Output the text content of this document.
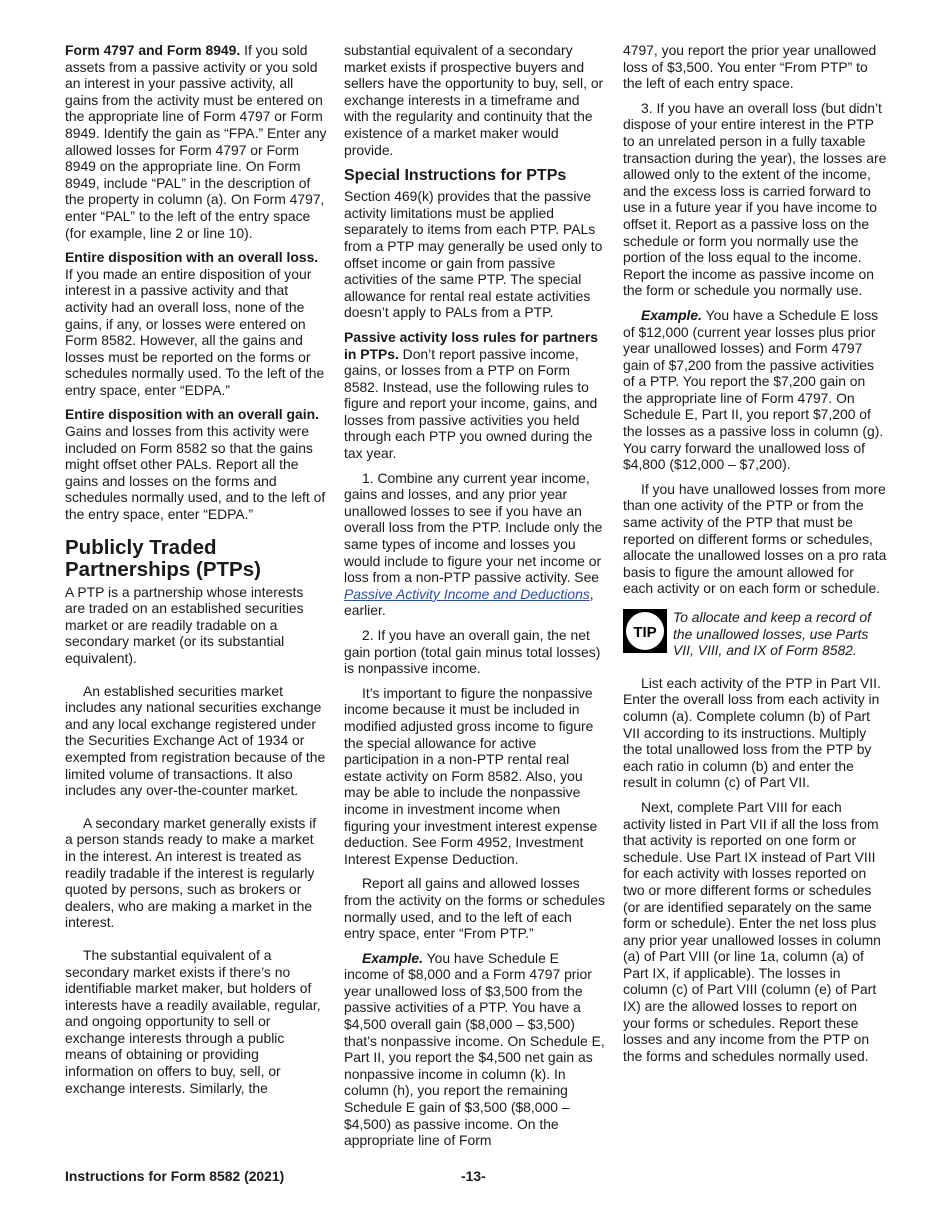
Form 4797 and Form 8949. If you sold assets from a passive activity or you sold an interest in your passive activity, all gains from the activity must be entered on the appropriate line of Form 4797 or Form 8949. Identify the gain as “FPA.” Enter any allowed losses for Form 4797 or Form 8949 on the appropriate line. On Form 8949, include “PAL” in the description of the property in column (a). On Form 4797, enter “PAL” to the left of the entry space (for example, line 2 or line 10).

Entire disposition with an overall loss. If you made an entire disposition of your interest in a passive activity and that activity had an overall loss, none of the gains, if any, or losses were entered on Form 8582. However, all the gains and losses must be reported on the forms or schedules normally used. To the left of the entry space, enter “EDPA.”

Entire disposition with an overall gain. Gains and losses from this activity were included on Form 8582 so that the gains might offset other PALs. Report all the gains and losses on the forms and schedules normally used, and to the left of the entry space, enter “EDPA.”

Publicly Traded Partnerships (PTPs)

A PTP is a partnership whose interests are traded on an established securities market or are readily tradable on a secondary market (or its substantial equivalent).

An established securities market includes any national securities exchange and any local exchange registered under the Securities Exchange Act of 1934 or exempted from registration because of the limited volume of transactions. It also includes any over-the-counter market.

A secondary market generally exists if a person stands ready to make a market in the interest. An interest is treated as readily tradable if the interest is regularly quoted by persons, such as brokers or dealers, who are making a market in the interest.

The substantial equivalent of a secondary market exists if there’s no identifiable market maker, but holders of interests have a readily available, regular, and ongoing opportunity to sell or exchange interests through a public means of obtaining or providing information on offers to buy, sell, or exchange interests. Similarly, the

substantial equivalent of a secondary market exists if prospective buyers and sellers have the opportunity to buy, sell, or exchange interests in a timeframe and with the regularity and continuity that the existence of a market maker would provide.

Special Instructions for PTPs

Section 469(k) provides that the passive activity limitations must be applied separately to items from each PTP. PALs from a PTP may generally be used only to offset income or gain from passive activities of the same PTP. The special allowance for rental real estate activities doesn’t apply to PALs from a PTP.

Passive activity loss rules for partners in PTPs. Don’t report passive income, gains, or losses from a PTP on Form 8582. Instead, use the following rules to figure and report your income, gains, and losses from passive activities you held through each PTP you owned during the tax year.

1. Combine any current year income, gains and losses, and any prior year unallowed losses to see if you have an overall loss from the PTP. Include only the same types of income and losses you would include to figure your net income or loss from a non-PTP passive activity. See Passive Activity Income and Deductions, earlier.

2. If you have an overall gain, the net gain portion (total gain minus total losses) is nonpassive income.

It’s important to figure the nonpassive income because it must be included in modified adjusted gross income to figure the special allowance for active participation in a non-PTP rental real estate activity on Form 8582. Also, you may be able to include the nonpassive income in investment income when figuring your investment interest expense deduction. See Form 4952, Investment Interest Expense Deduction.

Report all gains and allowed losses from the activity on the forms or schedules normally used, and to the left of each entry space, enter “From PTP.”

Example. You have Schedule E income of $8,000 and a Form 4797 prior year unallowed loss of $3,500 from the passive activities of a PTP. You have a $4,500 overall gain ($8,000 – $3,500) that’s nonpassive income. On Schedule E, Part II, you report the $4,500 net gain as nonpassive income in column (k). In column (h), you report the remaining Schedule E gain of $3,500 ($8,000 – $4,500) as passive income. On the appropriate line of Form

4797, you report the prior year unallowed loss of $3,500. You enter “From PTP” to the left of each entry space.

3. If you have an overall loss (but didn’t dispose of your entire interest in the PTP to an unrelated person in a fully taxable transaction during the year), the losses are allowed only to the extent of the income, and the excess loss is carried forward to use in a future year if you have income to offset it. Report as a passive loss on the schedule or form you normally use the portion of the loss equal to the income. Report the income as passive income on the form or schedule you normally use.

Example. You have a Schedule E loss of $12,000 (current year losses plus prior year unallowed losses) and Form 4797 gain of $7,200 from the passive activities of a PTP. You report the $7,200 gain on the appropriate line of Form 4797. On Schedule E, Part II, you report $7,200 of the losses as a passive loss in column (g). You carry forward the unallowed loss of $4,800 ($12,000 – $7,200).

If you have unallowed losses from more than one activity of the PTP or from the same activity of the PTP that must be reported on different forms or schedules, allocate the unallowed losses on a pro rata basis to figure the amount allowed for each activity or on each form or schedule.

TIP
To allocate and keep a record of the unallowed losses, use Parts VII, VIII, and IX of Form 8582.

List each activity of the PTP in Part VII. Enter the overall loss from each activity in column (a). Complete column (b) of Part VII according to its instructions. Multiply the total unallowed loss from the PTP by each ratio in column (b) and enter the result in column (c) of Part VII.

Next, complete Part VIII for each activity listed in Part VII if all the loss from that activity is reported on one form or schedule. Use Part IX instead of Part VIII for each activity with losses reported on two or more different forms or schedules (or are identified separately on the same form or schedule). Enter the net loss plus any prior year unallowed losses in column (a) of Part VIII (or line 1a, column (a) of Part IX, if applicable). The losses in column (c) of Part VIII (column (e) of Part IX) are the allowed losses to report on your forms or schedules. Report these losses and any income from the PTP on the forms and schedules normally used.

Instructions for Form 8582 (2021)	-13-
